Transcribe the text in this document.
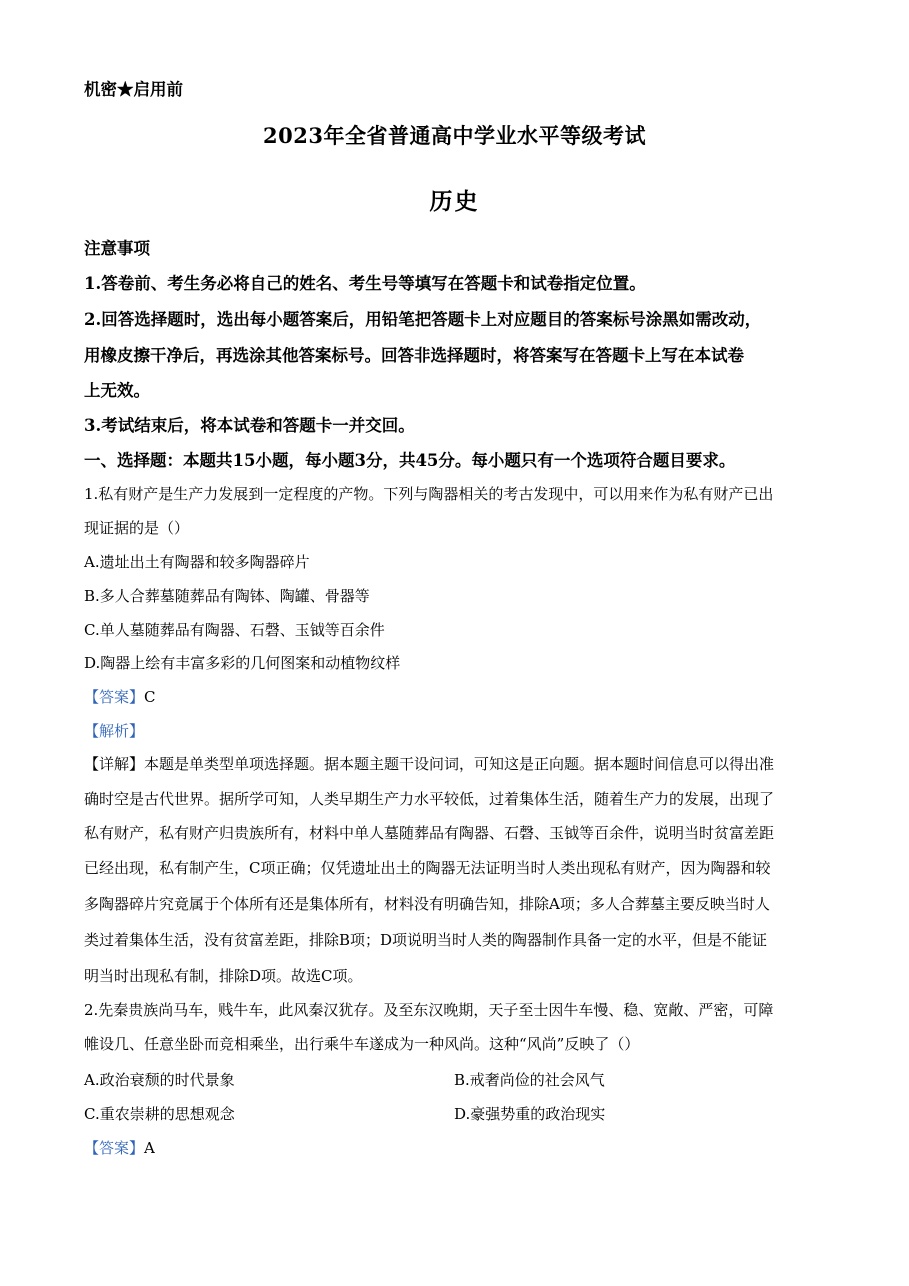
机密★启用前
2023年全省普通高中学业水平等级考试
历史
注意事项
1.答卷前、考生务必将自己的姓名、考生号等填写在答题卡和试卷指定位置。
2.回答选择题时，选出每小题答案后，用铅笔把答题卡上对应题目的答案标号涂黑如需改动，
用橡皮擦干净后，再选涂其他答案标号。回答非选择题时，将答案写在答题卡上写在本试卷
上无效。
3.考试结束后，将本试卷和答题卡一并交回。
一、选择题：本题共15小题，每小题3分，共45分。每小题只有一个选项符合题目要求。
1.私有财产是生产力发展到一定程度的产物。下列与陶器相关的考古发现中，可以用来作为私有财产已出
现证据的是（）
A.遗址出土有陶器和较多陶器碎片
B.多人合葬墓随葬品有陶钵、陶罐、骨器等
C.单人墓随葬品有陶器、石磬、玉钺等百余件
D.陶器上绘有丰富多彩的几何图案和动植物纹样
【答案】C
【解析】
【详解】本题是单类型单项选择题。据本题主题干设问词，可知这是正向题。据本题时间信息可以得出准
确时空是古代世界。据所学可知，人类早期生产力水平较低，过着集体生活，随着生产力的发展，出现了
私有财产，私有财产归贵族所有，材料中单人墓随葬品有陶器、石磬、玉钺等百余件，说明当时贫富差距
已经出现，私有制产生，C项正确；仅凭遗址出土的陶器无法证明当时人类出现私有财产，因为陶器和较
多陶器碎片究竟属于个体所有还是集体所有，材料没有明确告知，排除A项；多人合葬墓主要反映当时人
类过着集体生活，没有贫富差距，排除B项；D项说明当时人类的陶器制作具备一定的水平，但是不能证
明当时出现私有制，排除D项。故选C项。
2.先秦贵族尚马车，贱牛车，此风秦汉犹存。及至东汉晚期，天子至士因牛车慢、稳、宽敞、严密，可障
帷设几、任意坐卧而竞相乘坐，出行乘牛车遂成为一种风尚。这种“风尚”反映了（）
A.政治衰颓的时代景象	B.戒奢尚俭的社会风气
C.重农崇耕的思想观念	D.豪强势重的政治现实
【答案】A
